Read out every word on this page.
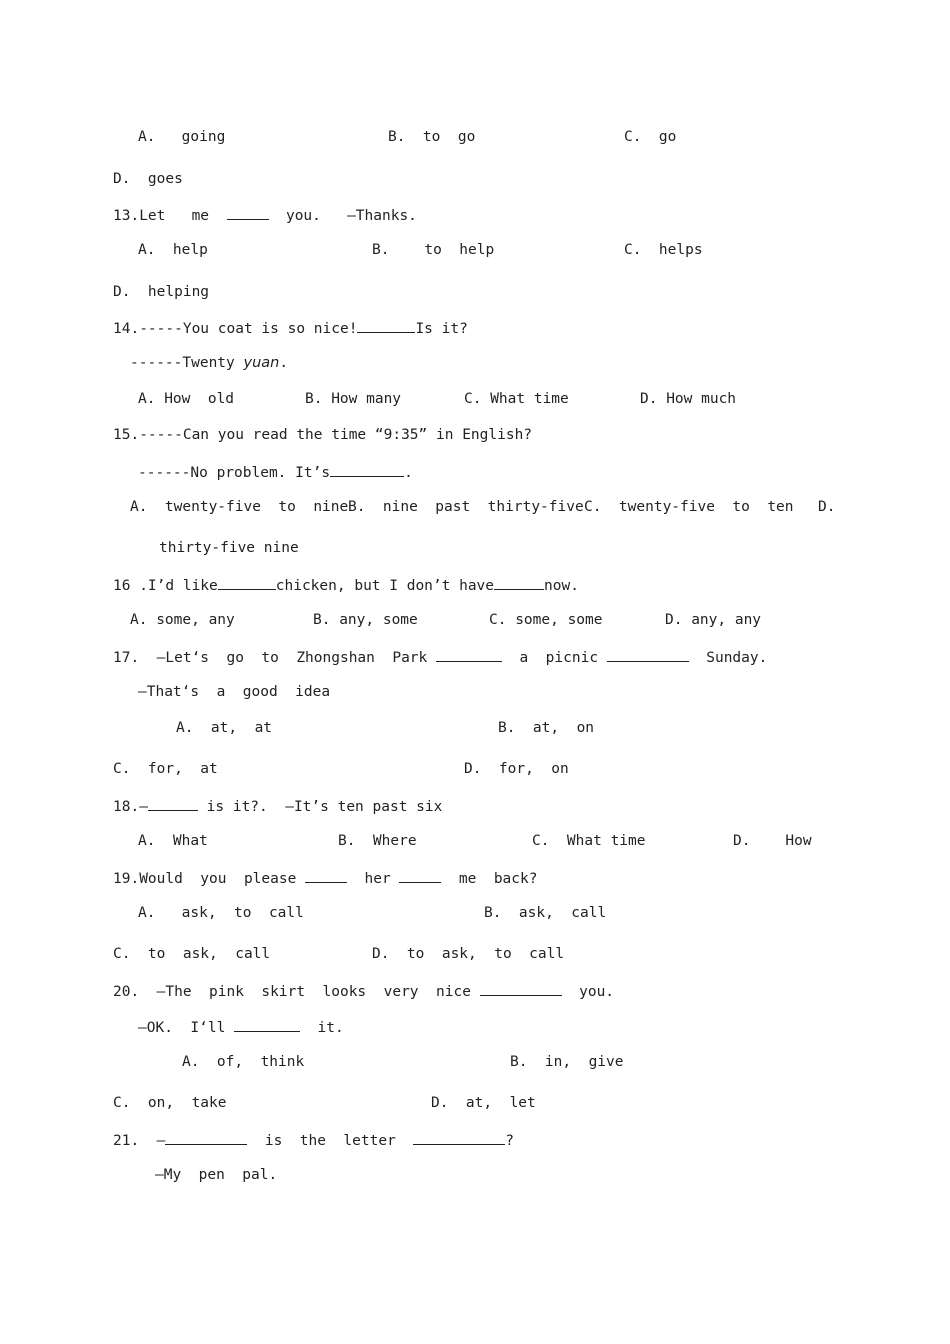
A.   going	B.  to  go	C.  go
D.  goes
13.Let   me	you.   —Thanks.
A.  help	B.    to  help	C.  helps
D.  helping
14.-----You coat is so nice!	Is it?
------Twenty yuan.
A. How  old	B. How many	C. What time	D. How much
15.-----Can you read the time “9:35” in English?
------No problem. It’s	.
A.  twenty-five  to  nine B.  nine  past  thirty-five C.  twenty-five  to  ten D.
thirty-five nine
16 .I’d like	chicken, but I don’t have	now.
A. some, any	B. any, some	C. some, some	D. any, any
17.  —Let‘s  go  to  Zhongshan  Park	a  picnic	Sunday.
—That‘s  a  good  idea
A.  at,  at	B.  at,  on
C.  for,  at	D.  for,  on
18.—	is it?.  —It’s ten past six
A.  What	B.  Where	C.  What time	D.    How
19.Would  you  please	her	me  back?
A.   ask,  to  call	B.  ask,  call
C.  to  ask,  call	D.  to  ask,  to  call
20.  —The  pink  skirt  looks  very  nice	you.
—OK.  I‘ll	it.
A.  of,  think	B.  in,  give
C.  on,  take	D.  at,  let
21.  —	is  the  letter	?
—My  pen  pal.
